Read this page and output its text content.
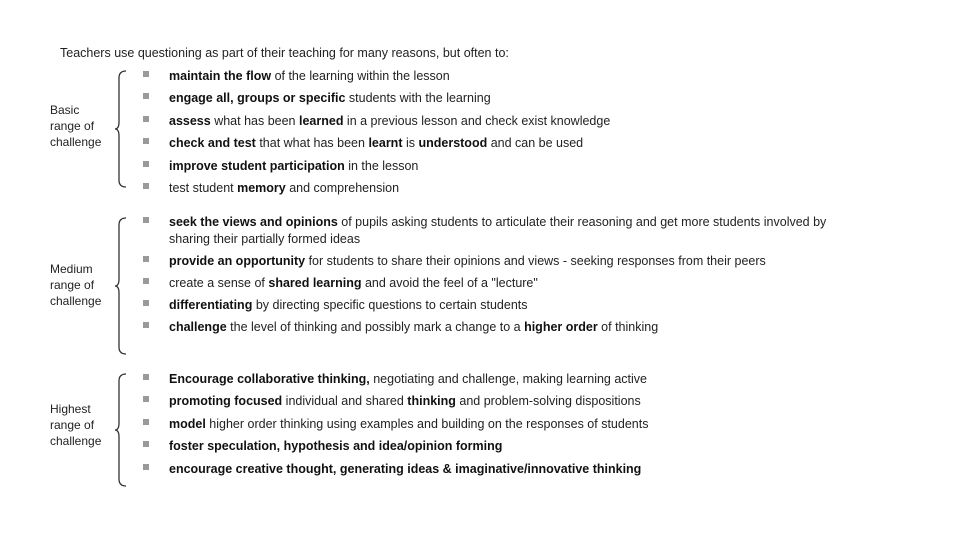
Teachers use questioning as part of their teaching for many reasons, but often to:
Basic
range of
challenge
maintain the flow of the learning within the lesson
engage all, groups or specific students with the learning
assess what has been learned in a previous lesson and check exist knowledge
check and test that what has been learnt is understood and can be used
improve student participation in the lesson
test student memory and comprehension
Medium
range of
challenge
seek the views and opinions of pupils asking students to articulate their reasoning and get more students involved by sharing their partially formed ideas
provide an opportunity for students to share their opinions and views - seeking responses from their peers
create a sense of shared learning and avoid the feel of a "lecture"
differentiating by directing specific questions to certain students
challenge the level of thinking and possibly mark a change to a higher order of thinking
Highest
range of
challenge
Encourage collaborative thinking, negotiating and challenge, making learning active
promoting focused individual and shared thinking and problem-solving dispositions
model higher order thinking using examples and building on the responses of students
foster speculation, hypothesis and idea/opinion forming
encourage creative thought, generating ideas & imaginative/innovative thinking
